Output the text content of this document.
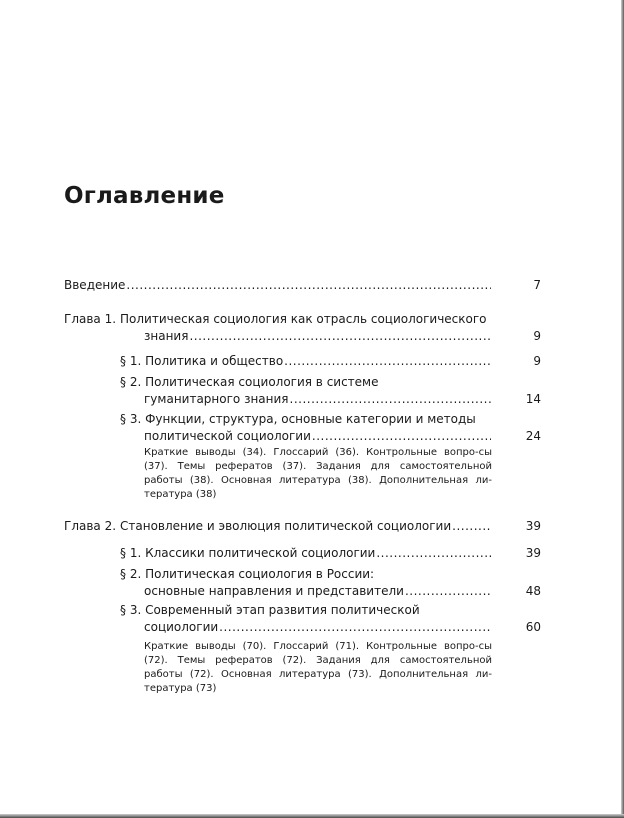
Оглавление
Введение .....	7
Глава 1. Политическая социология как отрасль социологического
знания .....	9
§ 1. Политика и общество .....	9
§ 2. Политическая социология в системе
гуманитарного знания .....	14
§ 3. Функции, структура, основные категории и методы
политической социологии .....	24
Краткие выводы (34). Глоссарий (36). Контрольные вопро-сы (37). Темы рефератов (37). Задания для самостоятельной работы (38). Основная литература (38). Дополнительная ли-тература (38)
Глава 2. Становление и эволюция политической социологии .....	39
§ 1. Классики политической социологии .....	39
§ 2. Политическая социология в России:
основные направления и представители .....	48
§ 3. Современный этап развития политической
социологии .....	60
Краткие выводы (70). Глоссарий (71). Контрольные вопро-сы (72). Темы рефератов (72). Задания для самостоятельной работы (72). Основная литература (73). Дополнительная ли-тература (73)
